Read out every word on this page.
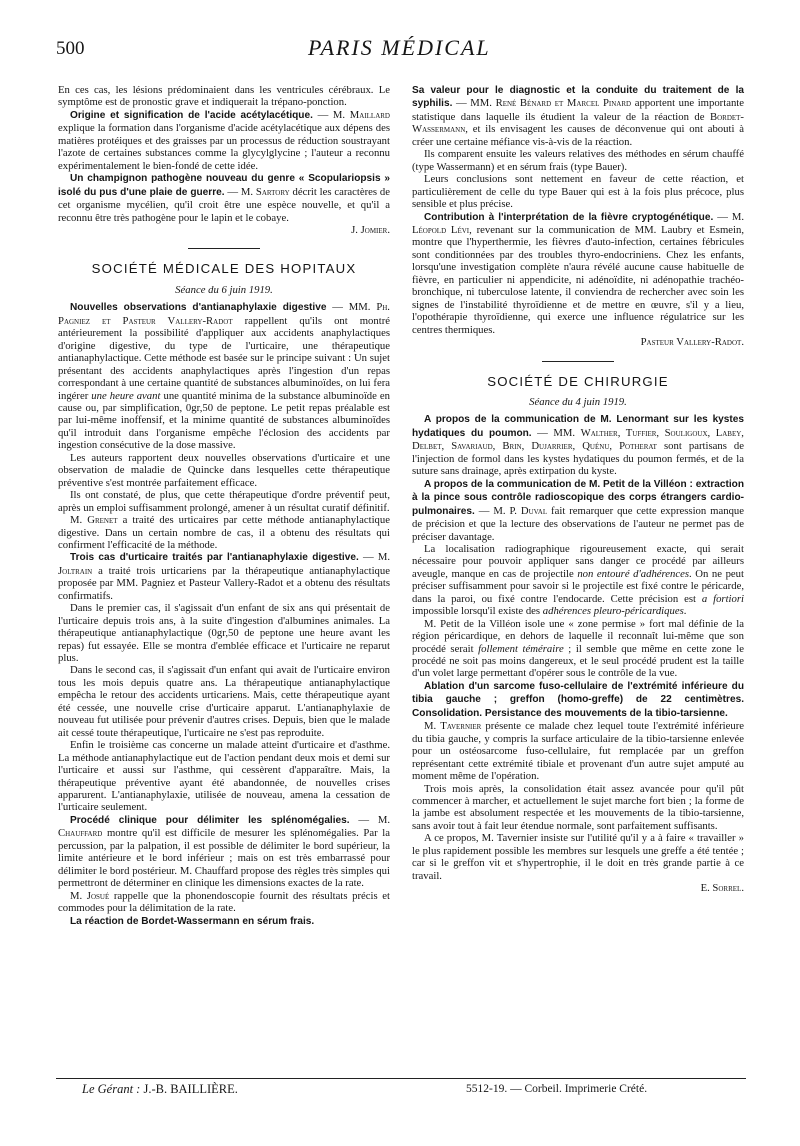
500	PARIS MÉDICAL

En ces cas, les lésions prédominaient dans les ventricules cérébraux. Le symptôme est de pronostic grave et indiquerait la trépano-ponction.

Origine et signification de l'acide acétylacétique. — M. Maillard explique la formation dans l'organisme d'acide acétylacétique aux dépens des matières protéiques et des graisses par un processus de réduction soustrayant l'azote de certaines substances comme la glycylglycine ; l'auteur a reconnu expérimentalement le bien-fondé de cette idée.

Un champignon pathogène nouveau du genre « Scopulariopsis » isolé du pus d'une plaie de guerre. — M. Sartory décrit les caractères de cet organisme mycélien, qu'il croit être une espèce nouvelle, et qu'il a reconnu être très pathogène pour le lapin et le cobaye.

J. Jomier.

SOCIÉTÉ MÉDICALE DES HOPITAUX
Séance du 6 juin 1919.

Nouvelles observations d'antianaphylaxie digestive — MM. Ph. Pagniez et Pasteur Vallery-Radot rappellent qu'ils ont montré antérieurement la possibilité d'appliquer aux accidents anaphylactiques d'origine digestive, du type de l'urticaire, une thérapeutique antianaphylactique. Cette méthode est basée sur le principe suivant : Un sujet présentant des accidents anaphylactiques après l'ingestion d'un repas correspondant à une certaine quantité de substances albuminoïdes, on lui fera ingérer une heure avant une quantité minima de la substance albuminoïde en cause ou, par simplification, 0gr,50 de peptone. Le petit repas préalable est par lui-même inoffensif, et la minime quantité de substances albuminoïdes qu'il introduit dans l'organisme empêche l'éclosion des accidents par ingestion consécutive de la dose massive.

Les auteurs rapportent deux nouvelles observations d'urticaire et une observation de maladie de Quincke dans lesquelles cette thérapeutique préventive s'est montrée parfaitement efficace.

Ils ont constaté, de plus, que cette thérapeutique d'ordre préventif peut, après un emploi suffisamment prolongé, amener à un résultat curatif définitif.

M. Grenet a traité des urticaires par cette méthode antianaphylactique digestive. Dans un certain nombre de cas, il a obtenu des résultats qui confirment l'efficacité de la méthode.

Trois cas d'urticaire traités par l'antianaphylaxie digestive. — M. Joltrain a traité trois urticariens par la thérapeutique antianaphylactique proposée par MM. Pagniez et Pasteur Vallery-Radot et a obtenu des résultats confirmatifs.

Dans le premier cas, il s'agissait d'un enfant de six ans qui présentait de l'urticaire depuis trois ans, à la suite d'ingestion d'albumines animales. La thérapeutique antianaphylactique (0gr,50 de peptone une heure avant les repas) fut essayée. Elle se montra d'emblée efficace et l'urticaire ne reparut plus.

Dans le second cas, il s'agissait d'un enfant qui avait de l'urticaire environ tous les mois depuis quatre ans. La thérapeutique antianaphylactique empêcha le retour des accidents urticariens. Mais, cette thérapeutique ayant été cessée, une nouvelle crise d'urticaire apparut. L'antianaphylaxie de nouveau fut utilisée pour prévenir d'autres crises. Depuis, bien que le malade ait cessé toute thérapeutique, l'urticaire ne s'est pas reproduite.

Enfin le troisième cas concerne un malade atteint d'urticaire et d'asthme. La méthode antianaphylactique eut de l'action pendant deux mois et demi sur l'urticaire et aussi sur l'asthme, qui cessèrent d'apparaître. Mais, la thérapeutique préventive ayant été abandonnée, de nouvelles crises apparurent. L'antianaphylaxie, utilisée de nouveau, amena la cessation de l'urticaire seulement.

Procédé clinique pour délimiter les splénomégalies. — M. Chauffard montre qu'il est difficile de mesurer les splénomégalies. Par la percussion, par la palpation, il est possible de délimiter le bord supérieur, la limite antérieure et le bord inférieur ; mais on est très embarrassé pour délimiter le bord postérieur. M. Chauffard propose des règles très simples qui permettront de déterminer en clinique les dimensions exactes de la rate.

M. Josué rappelle que la phonendoscopie fournit des résultats précis et commodes pour la délimitation de la rate.

La réaction de Bordet-Wassermann en sérum frais.

Sa valeur pour le diagnostic et la conduite du traitement de la syphilis. — MM. René Bénard et Marcel Pinard apportent une importante statistique dans laquelle ils étudient la valeur de la réaction de Bordet-Wassermann, et ils envisagent les causes de déconvenue qui ont abouti à créer une certaine méfiance vis-à-vis de la réaction.

Ils comparent ensuite les valeurs relatives des méthodes en sérum chauffé (type Wassermann) et en sérum frais (type Bauer).

Leurs conclusions sont nettement en faveur de cette réaction, et particulièrement de celle du type Bauer qui est à la fois plus précoce, plus sensible et plus précise.

Contribution à l'interprétation de la fièvre cryptogénétique. — M. Léopold Lévi, revenant sur la communication de MM. Laubry et Esmein, montre que l'hyperthermie, les fièvres d'auto-infection, certaines fébricules sont conditionnées par des troubles thyro-endocriniens. Chez les enfants, lorsqu'une investigation complète n'aura révélé aucune cause habituelle de fièvre, en particulier ni appendicite, ni adénoïdite, ni adénopathie trachéo-bronchique, ni tuberculose latente, il conviendra de rechercher avec soin les signes de l'instabilité thyroïdienne et de mettre en œuvre, s'il y a lieu, l'opothérapie thyroïdienne, qui exerce une influence régulatrice sur les centres thermiques.

Pasteur Vallery-Radot.

SOCIÉTÉ DE CHIRURGIE
Séance du 4 juin 1919.

A propos de la communication de M. Lenormant sur les kystes hydatiques du poumon. — MM. Walther, Tuffier, Souligoux, Labey, Delbet, Savariaud, Brin, Dujarrier, Quénu, Potherat sont partisans de l'injection de formol dans les kystes hydatiques du poumon fermés, et de la suture sans drainage, après extirpation du kyste.

A propos de la communication de M. Petit de la Villéon : extraction à la pince sous contrôle radioscopique des corps étrangers cardio-pulmonaires. — M. P. Duval fait remarquer que cette expression manque de précision et que la lecture des observations de l'auteur ne permet pas de préciser davantage.

La localisation radiographique rigoureusement exacte, qui serait nécessaire pour pouvoir appliquer sans danger ce procédé par ailleurs aveugle, manque en cas de projectile non entouré d'adhérences. On ne peut préciser suffisamment pour savoir si le projectile est fixé contre le péricarde, dans la paroi, ou fixé contre l'endocarde. Cette précision est a fortiori impossible lorsqu'il existe des adhérences pleuro-péricardiques.

M. Petit de la Villéon isole une « zone permise » fort mal définie de la région péricardique, en dehors de laquelle il reconnaît lui-même que son procédé serait follement téméraire ; il semble que même en cette zone le procédé ne soit pas moins dangereux, et le seul procédé prudent est la taille d'un volet large permettant d'opérer sous le contrôle de la vue.

Ablation d'un sarcome fuso-cellulaire de l'extrémité inférieure du tibia gauche ; greffon (homo-greffe) de 22 centimètres. Consolidation. Persistance des mouvements de la tibio-tarsienne.

M. Tavernier présente ce malade chez lequel toute l'extrémité inférieure du tibia gauche, y compris la surface articulaire de la tibio-tarsienne enlevée pour un ostéosarcome fuso-cellulaire, fut remplacée par un greffon représentant cette extrémité tibiale et provenant d'un autre sujet amputé au moment même de l'opération.

Trois mois après, la consolidation était assez avancée pour qu'il pût commencer à marcher, et actuellement le sujet marche fort bien ; la forme de la jambe est absolument respectée et les mouvements de la tibio-tarsienne, sans avoir tout à fait leur étendue normale, sont parfaitement suffisants.

A ce propos, M. Tavernier insiste sur l'utilité qu'il y a à faire « travailler » le plus rapidement possible les membres sur lesquels une greffe a été tentée ; car si le greffon vit et s'hypertrophie, il le doit en très grande partie à ce travail.

E. Sorrel.

Le Gérant : J.-B. BAILLIÈRE.	5512-19. — Corbeil. Imprimerie Crété.
